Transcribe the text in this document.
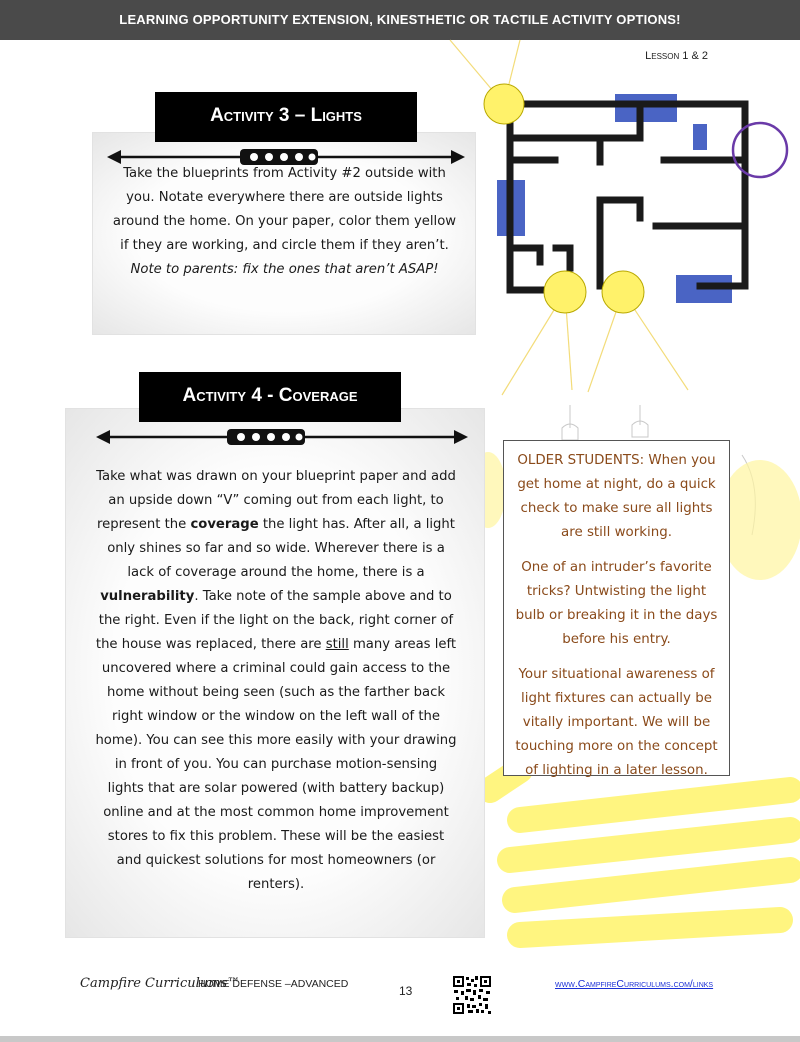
LEARNING OPPORTUNITY EXTENSION, KINESTHETIC OR TACTILE ACTIVITY OPTIONS!
Lesson 1 & 2
Activity 3 – Lights
Take the blueprints from Activity #2 outside with you. Notate everywhere there are outside lights around the home. On your paper, color them yellow if they are working, and circle them if they aren’t. Note to parents: fix the ones that aren’t ASAP!
Activity 4 - Coverage
Take what was drawn on your blueprint paper and add an upside down “V” coming out from each light, to represent the coverage the light has. After all, a light only shines so far and so wide. Wherever there is a lack of coverage around the home, there is a vulnerability. Take note of the sample above and to the right. Even if the light on the back, right corner of the house was replaced, there are still many areas left uncovered where a criminal could gain access to the home without being seen (such as the farther back right window or the window on the left wall of the home). You can see this more easily with your drawing in front of you. You can purchase motion-sensing lights that are solar powered (with battery backup) online and at the most common home improvement stores to fix this problem. These will be the easiest and quickest solutions for most homeowners (or renters).

OLDER STUDENTS: When you get home at night, do a quick check to make sure all lights are still working.

One of an intruder’s favorite tricks? Untwisting the light bulb or breaking it in the days before his entry.

Your situational awareness of light fixtures can actually be vitally important. We will be touching more on the concept of lighting in a later lesson.

Campfire Curriculums™
HOME DEFENSE –ADVANCED	13	www.CampfireCurriculums.com/links
